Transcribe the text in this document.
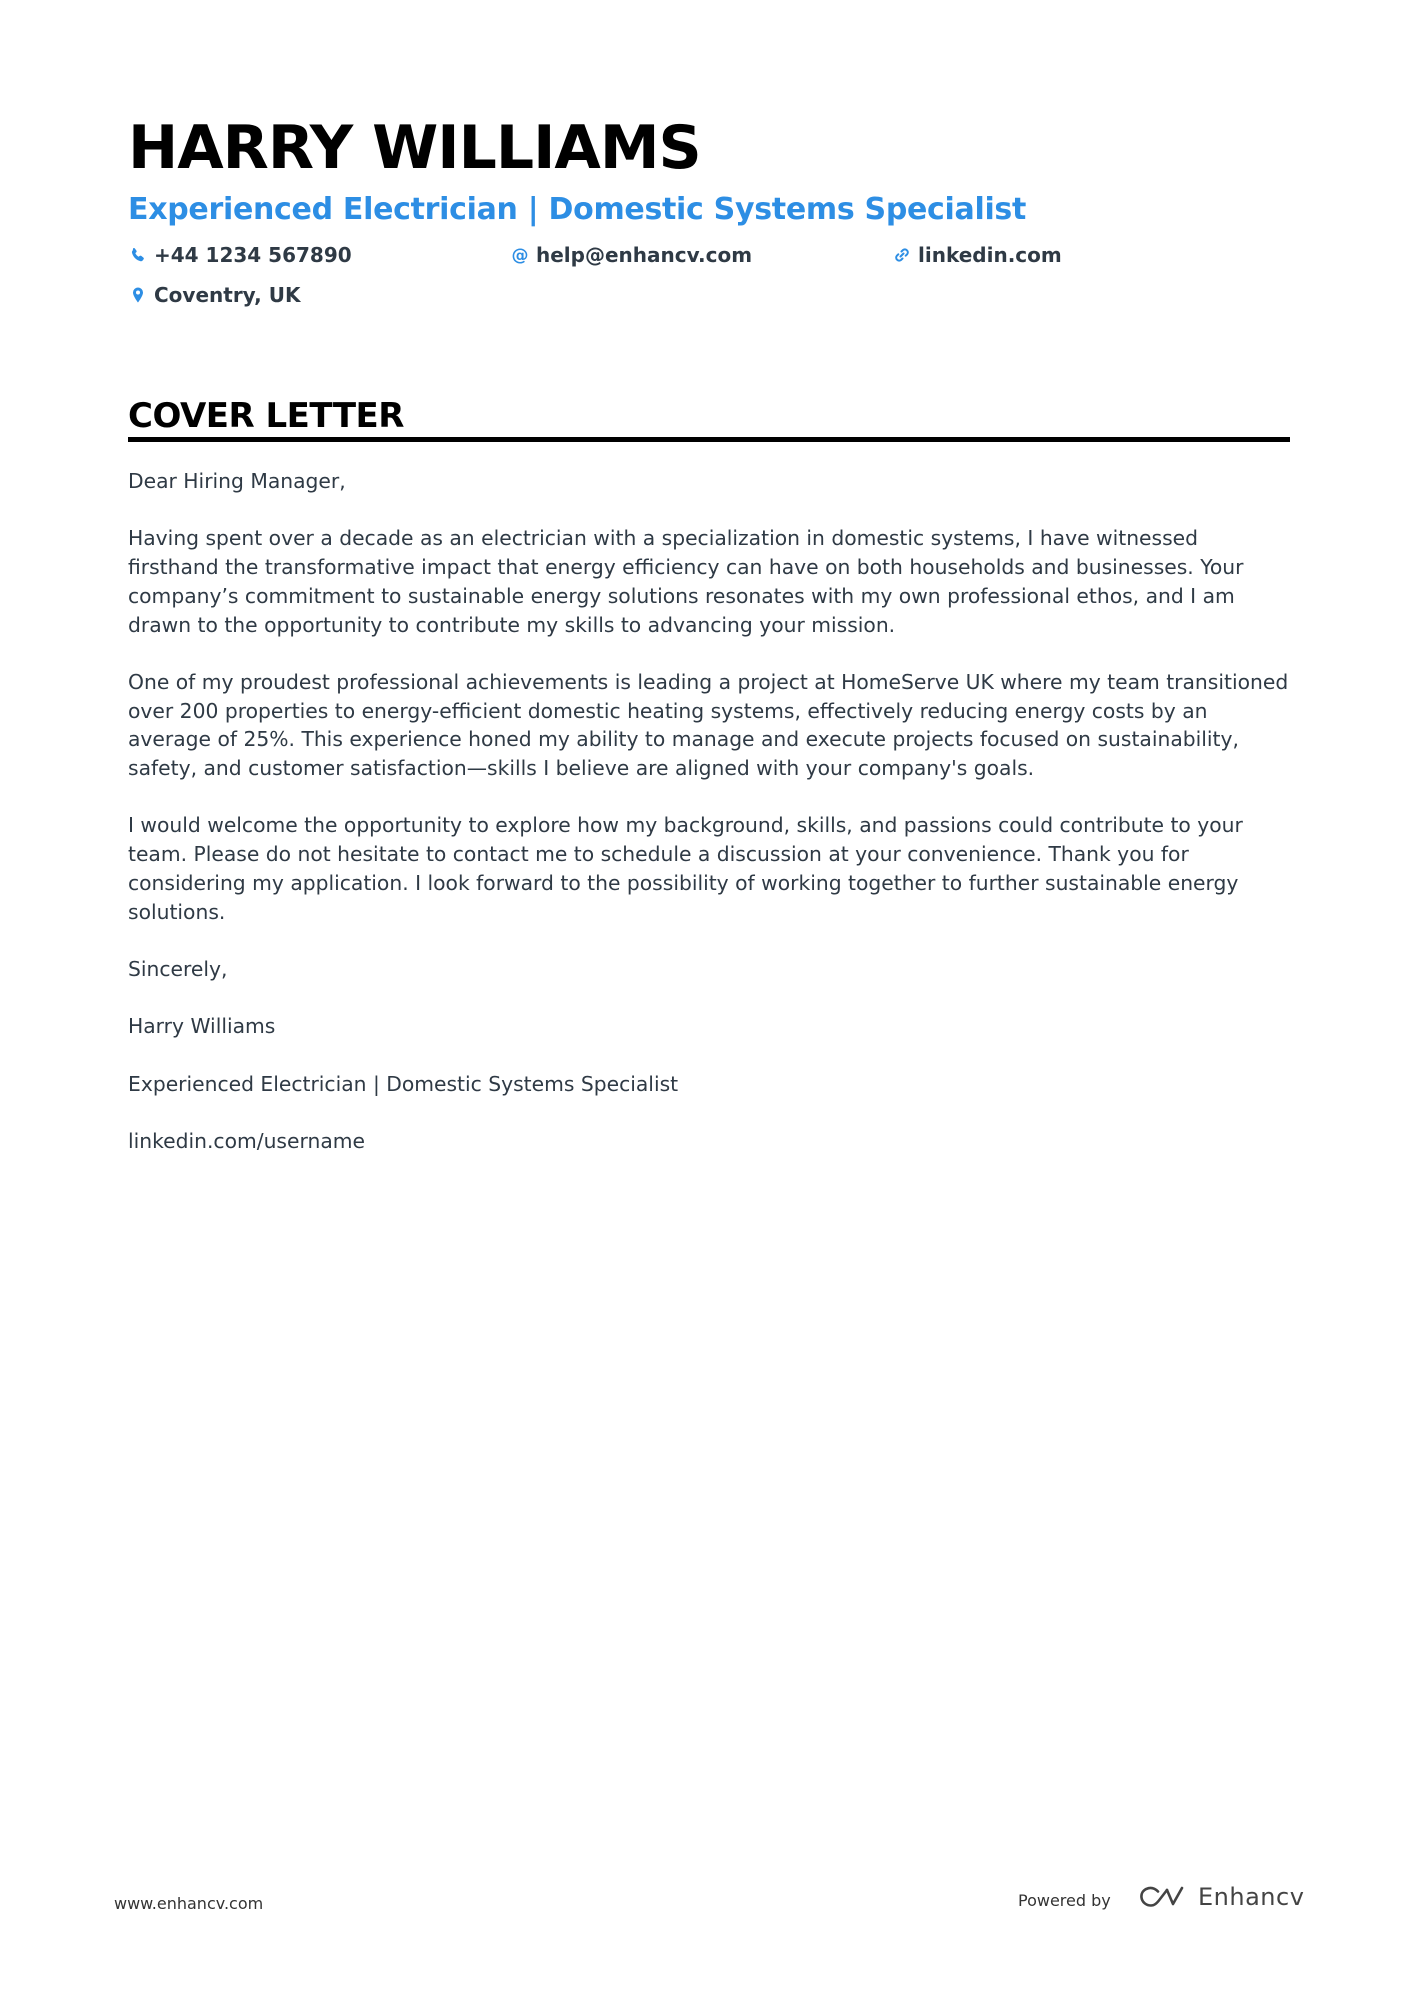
HARRY WILLIAMS
Experienced Electrician | Domestic Systems Specialist
+44 1234 567890	@ help@enhancv.com	linkedin.com
Coventry, UK
COVER LETTER

Dear Hiring Manager,

Having spent over a decade as an electrician with a specialization in domestic systems, I have witnessed firsthand the transformative impact that energy efficiency can have on both households and businesses. Your company’s commitment to sustainable energy solutions resonates with my own professional ethos, and I am drawn to the opportunity to contribute my skills to advancing your mission.

One of my proudest professional achievements is leading a project at HomeServe UK where my team transitioned over 200 properties to energy-efficient domestic heating systems, effectively reducing energy costs by an average of 25%. This experience honed my ability to manage and execute projects focused on sustainability, safety, and customer satisfaction—skills I believe are aligned with your company's goals.

I would welcome the opportunity to explore how my background, skills, and passions could contribute to your team. Please do not hesitate to contact me to schedule a discussion at your convenience. Thank you for considering my application. I look forward to the possibility of working together to further sustainable energy solutions.

Sincerely,

Harry Williams

Experienced Electrician | Domestic Systems Specialist

linkedin.com/username

www.enhancv.com	Powered by	Enhancv
